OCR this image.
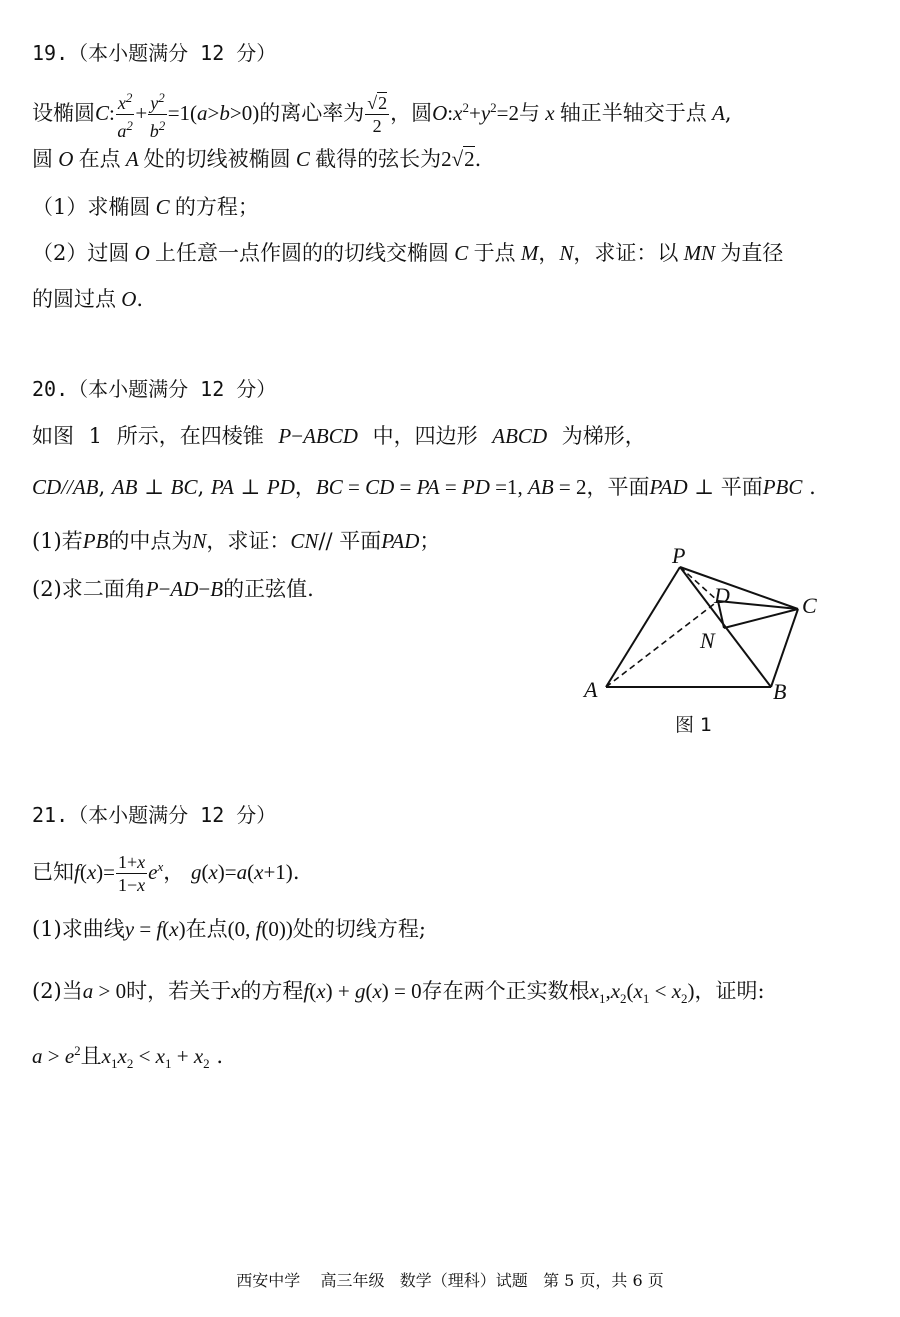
19.（本小题满分 12 分）
设椭圆C: $\frac{x^2}{a^2} + \frac{y^2}{b^2} =1(a>b>0)$的离心率为 $\frac{√2}{2}$ ，圆$O:x^2+y^2=2$与 x 轴正半轴交于点 A,
圆 O 在点 A 处的切线被椭圆 C 截得的弦长为2√2.
（1）求椭圆 C 的方程；
（2）过圆 O 上任意一点作圆的的切线交椭圆 C 于点 M，N，求证：以 MN 为直径
的圆过点 O.
20.（本小题满分 12 分）
如图 1 所示，在四棱锥 P−ABCD 中，四边形 ABCD 为梯形，
CD//AB, AB ⊥ BC, PA ⊥ PD，BC = CD = PA = PD =1, AB = 2，平面PAD ⊥ 平面PBC .
(1)若PB的中点为N，求证：CN// 平面PAD；
(2)求二面角P−AD−B的正弦值.
P
D	C
N
A	B
图 1
21.（本小题满分 12 分）
已知$f(x)= \frac{1+x}{1-x} e^x$， g(x)=a(x+1).
(1)求曲线y = f(x)在点(0, f(0))处的切线方程;
(2)当a > 0时，若关于x的方程f(x) + g(x) = 0存在两个正实数根$x_1,x_2(x_1 < x_2)$，证明:
$a > e^2$且$x_1x_2 < x_1 + x_2$ .
西安中学    高三年级   数学（理科）试题   第 5 页，共 6 页
